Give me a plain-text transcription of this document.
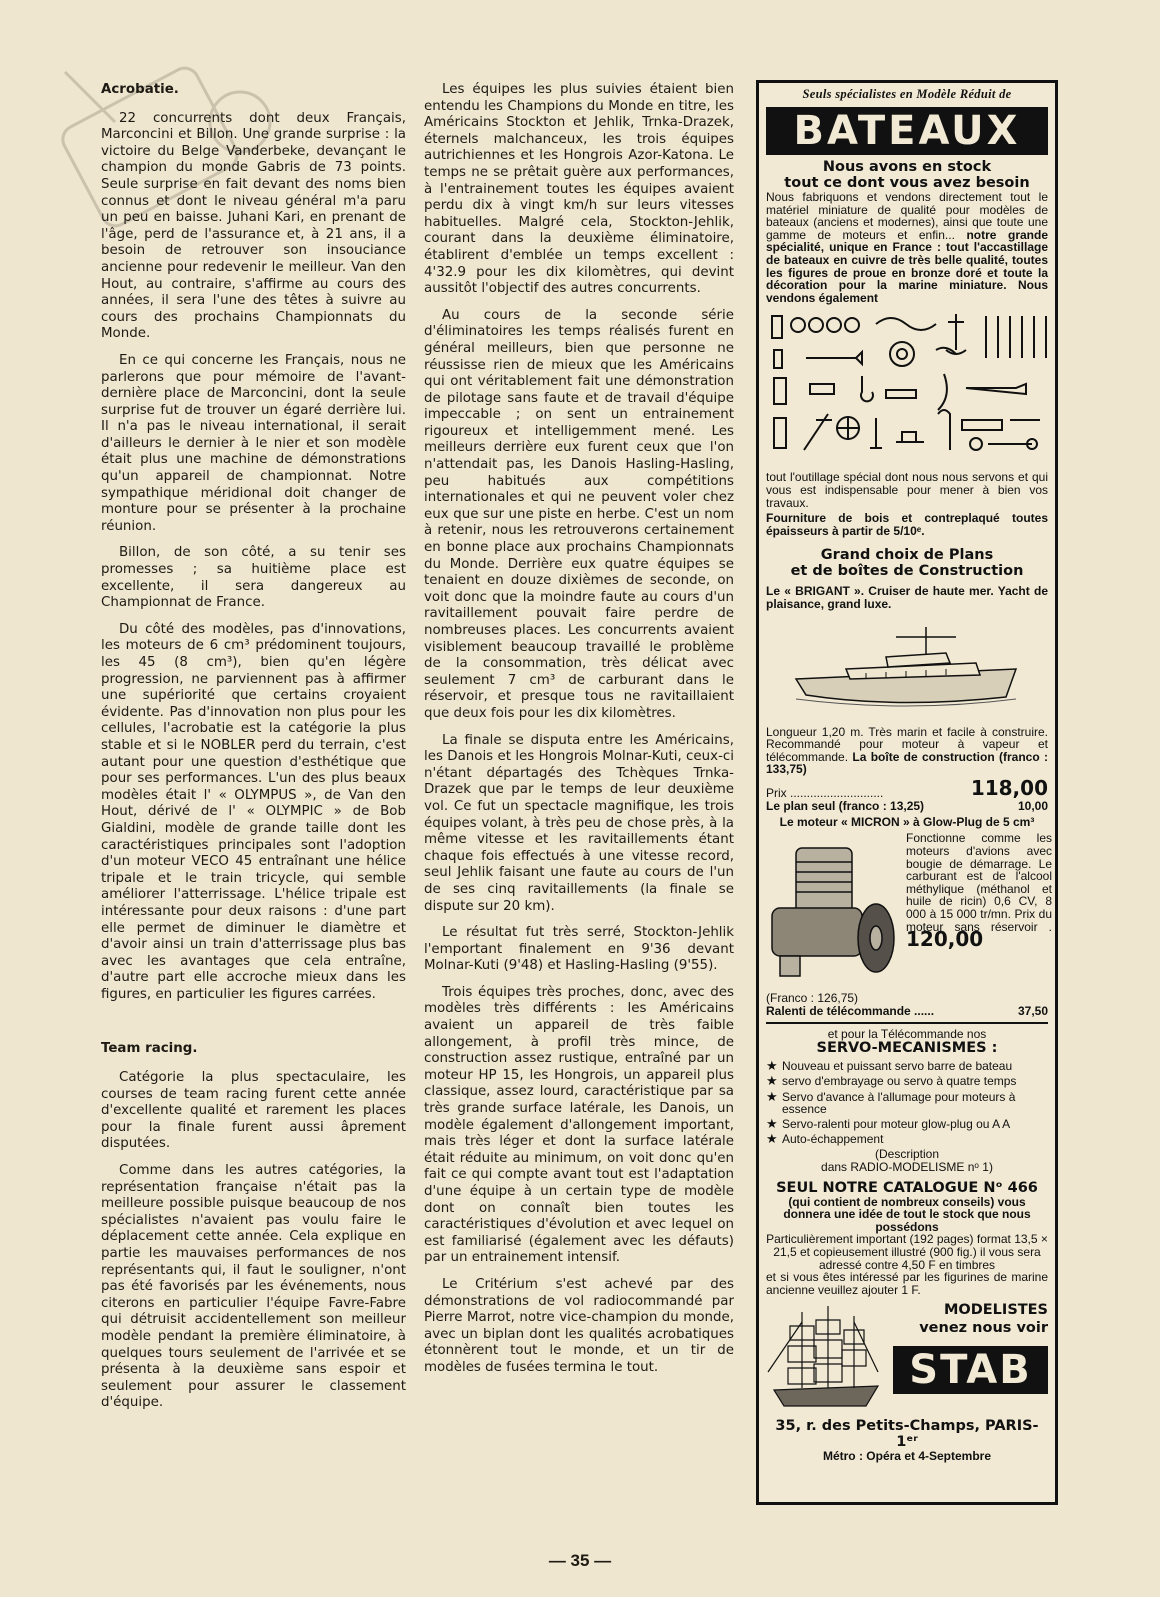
Acrobatie.

22 concurrents dont deux Français, Marconcini et Billon. Une grande surprise : la victoire du Belge Vanderbeke, devançant le champion du monde Gabris de 73 points. Seule surprise en fait devant des noms bien connus et dont le niveau général m'a paru un peu en baisse. Juhani Kari, en prenant de l'âge, perd de l'assurance et, à 21 ans, il a besoin de retrouver son insouciance ancienne pour redevenir le meilleur. Van den Hout, au contraire, s'affirme au cours des années, il sera l'une des têtes à suivre au cours des prochains Championnats du Monde.

En ce qui concerne les Français, nous ne parlerons que pour mémoire de l'avant-dernière place de Marconcini, dont la seule surprise fut de trouver un égaré derrière lui. Il n'a pas le niveau international, il serait d'ailleurs le dernier à le nier et son modèle était plus une machine de démonstrations qu'un appareil de championnat. Notre sympathique méridional doit changer de monture pour se présenter à la prochaine réunion.

Billon, de son côté, a su tenir ses promesses ; sa huitième place est excellente, il sera dangereux au Championnat de France.

Du côté des modèles, pas d'innovations, les moteurs de 6 cm³ prédominent toujours, les 45 (8 cm³), bien qu'en légère progression, ne parviennent pas à affirmer une supériorité que certains croyaient évidente. Pas d'innovation non plus pour les cellules, l'acrobatie est la catégorie la plus stable et si le NOBLER perd du terrain, c'est autant pour une question d'esthétique que pour ses performances. L'un des plus beaux modèles était l' « OLYMPUS », de Van den Hout, dérivé de l' « OLYMPIC » de Bob Gialdini, modèle de grande taille dont les caractéristiques principales sont l'adoption d'un moteur VECO 45 entraînant une hélice tripale et le train tricycle, qui semble améliorer l'atterrissage. L'hélice tripale est intéressante pour deux raisons : d'une part elle permet de diminuer le diamètre et d'avoir ainsi un train d'atterrissage plus bas avec les avantages que cela entraîne, d'autre part elle accroche mieux dans les figures, en particulier les figures carrées.

Team racing.

Catégorie la plus spectaculaire, les courses de team racing furent cette année d'excellente qualité et rarement les places pour la finale furent aussi âprement disputées.

Comme dans les autres catégories, la représentation française n'était pas la meilleure possible puisque beaucoup de nos spécialistes n'avaient pas voulu faire le déplacement cette année. Cela explique en partie les mauvaises performances de nos représentants qui, il faut le souligner, n'ont pas été favorisés par les événements, nous citerons en particulier l'équipe Favre-Fabre qui détruisit accidentellement son meilleur modèle pendant la première éliminatoire, à quelques tours seulement de l'arrivée et se présenta à la deuxième sans espoir et seulement pour assurer le classement d'équipe.

Les équipes les plus suivies étaient bien entendu les Champions du Monde en titre, les Américains Stockton et Jehlik, Trnka-Drazek, éternels malchanceux, les trois équipes autrichiennes et les Hongrois Azor-Katona. Le temps ne se prêtait guère aux performances, à l'entrainement toutes les équipes avaient perdu dix à vingt km/h sur leurs vitesses habituelles. Malgré cela, Stockton-Jehlik, courant dans la deuxième éliminatoire, établirent d'emblée un temps excellent : 4'32.9 pour les dix kilomètres, qui devint aussitôt l'objectif des autres concurrents.

Au cours de la seconde série d'éliminatoires les temps réalisés furent en général meilleurs, bien que personne ne réussisse rien de mieux que les Américains qui ont véritablement fait une démonstration de pilotage sans faute et de travail d'équipe impeccable ; on sent un entrainement rigoureux et intelligemment mené. Les meilleurs derrière eux furent ceux que l'on n'attendait pas, les Danois Hasling-Hasling, peu habitués aux compétitions internationales et qui ne peuvent voler chez eux que sur une piste en herbe. C'est un nom à retenir, nous les retrouverons certainement en bonne place aux prochains Championnats du Monde. Derrière eux quatre équipes se tenaient en douze dixièmes de seconde, on voit donc que la moindre faute au cours d'un ravitaillement pouvait faire perdre de nombreuses places. Les concurrents avaient visiblement beaucoup travaillé le problème de la consommation, très délicat avec seulement 7 cm³ de carburant dans le réservoir, et presque tous ne ravitaillaient que deux fois pour les dix kilomètres.

La finale se disputa entre les Américains, les Danois et les Hongrois Molnar-Kuti, ceux-ci n'étant départagés des Tchèques Trnka-Drazek que par le temps de leur deuxième vol. Ce fut un spectacle magnifique, les trois équipes volant, à très peu de chose près, à la même vitesse et les ravitaillements étant chaque fois effectués à une vitesse record, seul Jehlik faisant une faute au cours de l'un de ses cinq ravitaillements (la finale se dispute sur 20 km).

Le résultat fut très serré, Stockton-Jehlik l'emportant finalement en 9'36 devant Molnar-Kuti (9'48) et Hasling-Hasling (9'55).

Trois équipes très proches, donc, avec des modèles très différents : les Américains avaient un appareil de très faible allongement, à profil très mince, de construction assez rustique, entraîné par un moteur HP 15, les Hongrois, un appareil plus classique, assez lourd, caractéristique par sa très grande surface latérale, les Danois, un modèle également d'allongement important, mais très léger et dont la surface latérale était réduite au minimum, on voit donc qu'en fait ce qui compte avant tout est l'adaptation d'une équipe à un certain type de modèle dont on connaît bien toutes les caractéristiques d'évolution et avec lequel on est familiarisé (également avec les défauts) par un entrainement intensif.

Le Critérium s'est achevé par des démonstrations de vol radiocommandé par Pierre Marrot, notre vice-champion du monde, avec un biplan dont les qualités acrobatiques étonnèrent tout le monde, et un tir de modèles de fusées termina le tout.

Seuls spécialistes en Modèle Réduit de
BATEAUX
Nous avons en stock
tout ce dont vous avez besoin
Nous fabriquons et vendons directement tout le matériel miniature de qualité pour modèles de bateaux (anciens et modernes), ainsi que toute une gamme de moteurs et enfin... notre grande spécialité, unique en France : tout l'accastillage de bateaux en cuivre de très belle qualité, toutes les figures de proue en bronze doré et toute la décoration pour la marine miniature. Nous vendons également
tout l'outillage spécial dont nous nous servons et qui vous est indispensable pour mener à bien vos travaux.
Fourniture de bois et contreplaqué toutes épaisseurs à partir de 5/10ᵉ.
Grand choix de Plans
et de boîtes de Construction
Le « BRIGANT ». Cruiser de haute mer. Yacht de plaisance, grand luxe.
Longueur 1,20 m. Très marin et facile à construire. Recommandé pour moteur à vapeur et télécommande. La boîte de construction (franco : 133,75)
Prix ............................	118,00
Le plan seul (franco : 13,25)	10,00
Le moteur « MICRON » à Glow-Plug de 5 cm³
Fonctionne comme les moteurs d'avions avec bougie de démarrage. Le carburant est de l'alcool méthylique (méthanol et huile de ricin) 0,6 CV, 8 000 à 15 000 tr/mn. Prix du moteur sans réservoir . 120,00
(Franco : 126,75)
Ralenti de télécommande ......	37,50
et pour la Télécommande nos
SERVO-MECANISMES :
★ Nouveau et puissant servo barre de bateau
★ servo d'embrayage ou servo à quatre temps
★ Servo d'avance à l'allumage pour moteurs à essence
★ Servo-ralenti pour moteur glow-plug ou A A
★ Auto-échappement
(Description
dans RADIO-MODELISME nᵒ 1)
SEUL NOTRE CATALOGUE Nᵒ 466
(qui contient de nombreux conseils) vous donnera une idée de tout le stock que nous possédons
Particulièrement important (192 pages) format 13,5 × 21,5 et copieusement illustré (900 fig.) il vous sera adressé contre 4,50 F en timbres
et si vous êtes intéressé par les figurines de marine ancienne veuillez ajouter 1 F.
MODELISTES
venez nous voir
STAB
35, r. des Petits-Champs, PARIS-1ᵉʳ
Métro : Opéra et 4-Septembre
— 35 —
